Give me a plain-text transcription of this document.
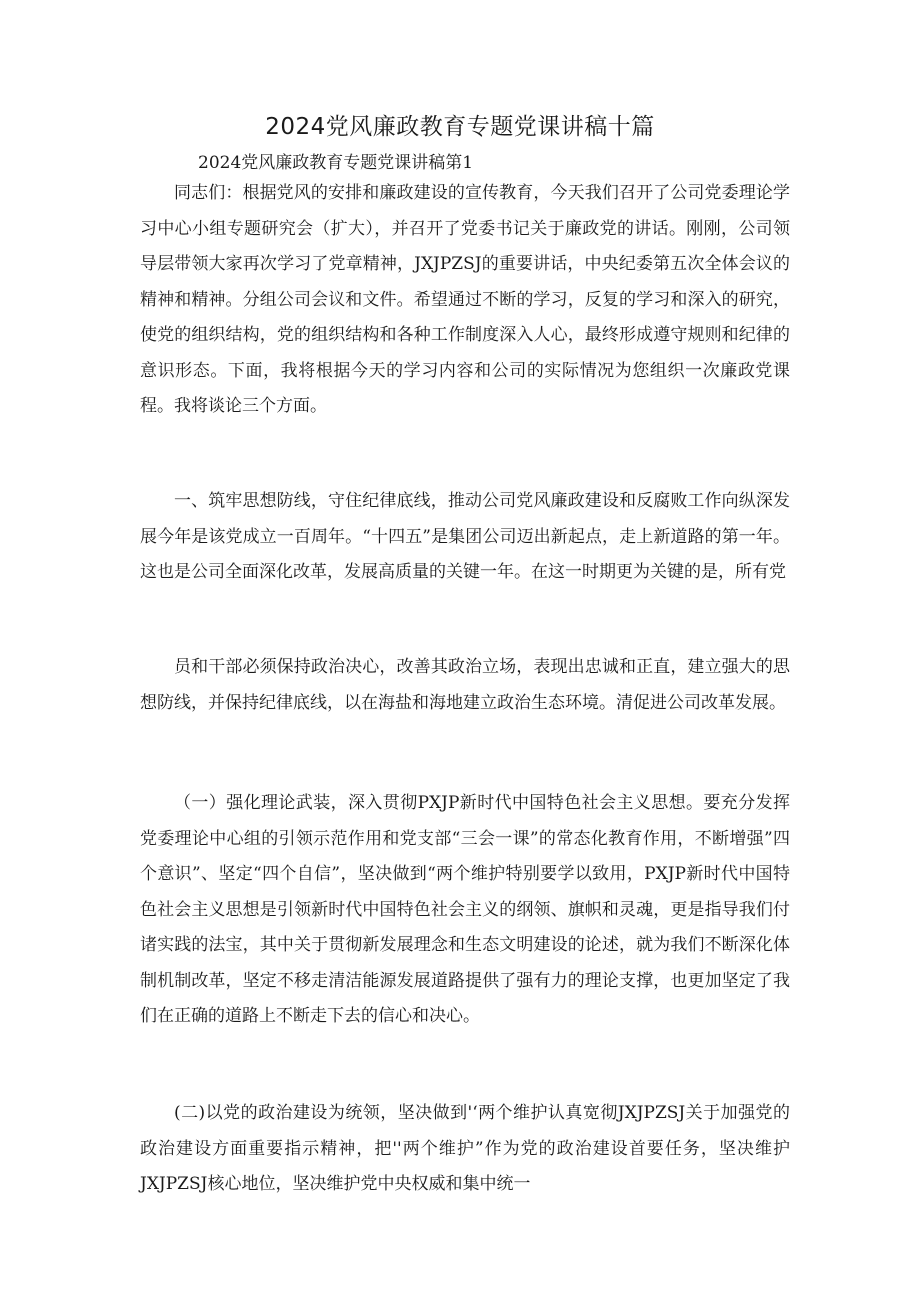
2024党风廉政教育专题党课讲稿十篇
2024党风廉政教育专题党课讲稿第1

同志们：根据党风的安排和廉政建设的宣传教育，今天我们召开了公司党委理论学习中心小组专题研究会（扩大），并召开了党委书记关于廉政党的讲话。刚刚，公司领导层带领大家再次学习了党章精神，JXJPZSJ的重要讲话，中央纪委第五次全体会议的精神和精神。分组公司会议和文件。希望通过不断的学习，反复的学习和深入的研究，使党的组织结构，党的组织结构和各种工作制度深入人心，最终形成遵守规则和纪律的意识形态。下面，我将根据今天的学习内容和公司的实际情况为您组织一次廉政党课程。我将谈论三个方面。

一、筑牢思想防线，守住纪律底线，推动公司党风廉政建设和反腐败工作向纵深发展今年是该党成立一百周年。“十四五”是集团公司迈出新起点，走上新道路的第一年。这也是公司全面深化改革，发展高质量的关键一年。在这一时期更为关键的是，所有党

员和干部必须保持政治决心，改善其政治立场，表现出忠诚和正直，建立强大的思想防线，并保持纪律底线，以在海盐和海地建立政治生态环境。清促进公司改革发展。

（一）强化理论武装，深入贯彻PXJP新时代中国特色社会主义思想。要充分发挥党委理论中心组的引领示范作用和党支部“三会一课”的常态化教育作用，不断增强”四个意识”、坚定“四个自信”，坚决做到“两个维护特别要学以致用，PXJP新时代中国特色社会主义思想是引领新时代中国特色社会主义的纲领、旗帜和灵魂，更是指导我们付诸实践的法宝，其中关于贯彻新发展理念和生态文明建设的论述，就为我们不断深化体制机制改革，坚定不移走清洁能源发展道路提供了强有力的理论支撑，也更加坚定了我们在正确的道路上不断走下去的信心和决心。

(二)以党的政治建设为统领，坚决做到'‘两个维护认真宽彻JXJPZSJ关于加强党的政治建设方面重要指示精神，把''两个维护”作为党的政治建设首要任务，坚决维护JXJPZSJ核心地位，坚决维护党中央权威和集中统一
